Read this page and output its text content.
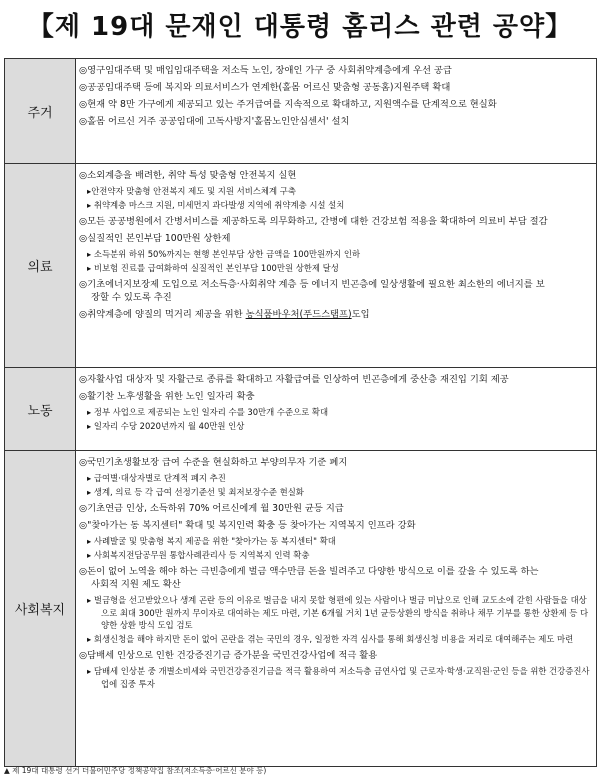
【제 19대 문재인 대통령 홈리스 관련 공약】
주거
◎영구임대주택 및 매입임대주택을 저소득 노인, 장애인 가구 중 사회취약계층에게 우선 공급
◎공공임대주택 등에 복지와 의료서비스가 연계한(홀몸 어르신 맞춤형 공동홈)지원주택 확대
◎현재 약 8만 가구에게 제공되고 있는 주거급여를 지속적으로 확대하고, 지원액수를 단계적으로 현실화
◎홀몸 어르신 거주 공공임대에 고독사방지'홀몸노인안심센서' 설치
의료
◎소외계층을 배려한, 취약 특성 맞춤형 안전복지 실현
▸안전약자 맞춤형 안전복지 제도 및 지원 서비스체계 구축
▸ 취약계층 마스크 지원, 미세먼지 과다발생 지역에 취약계층 시설 설치
◎모든 공공병원에서 간병서비스를 제공하도록 의무화하고, 간병에 대한 건강보험 적용을 확대하여 의료비 부담 절감
◎실질적인 본인부담 100만원 상한제
▸ 소득분위 하위 50%까지는 현행 본인부담 상한 금액을 100만원까지 인하
▸ 비보험 진료를 급여화하여 실질적인 본인부담 100만원 상한제 달성
◎기초에너지보장제 도입으로 저소득층·사회취약 계층 등 에너지 빈곤층에 일상생활에 필요한 최소한의 에너지를 보
장할 수 있도록 추진
◎취약계층에 양질의 먹거리 제공을 위한 농식품바우처(푸드스탬프)도입
노동
◎자활사업 대상자 및 자활근로 종류를 확대하고 자활급여를 인상하여 빈곤층에게 중산층 재진입 기회 제공
◎활기찬 노후생활을 위한 노인 일자리 확충
▸ 정부 사업으로 제공되는 노인 일자리 수를 30만개 수준으로 확대
▸ 일자리 수당 2020년까지 월 40만원 인상
사회복지
◎국민기초생활보장 급여 수준을 현실화하고 부양의무자 기준 폐지
▸ 급여별·대상자별로 단계적 폐지 추진
▸ 생계, 의료 등 각 급여 선정기준선 및 최저보장수준 현실화
◎기초연금 인상, 소득하위 70% 어르신에게 월 30만원 균등 지급
◎"찾아가는 동 복지센터" 확대 및 복지인력 확충 등 찾아가는 지역복지 인프라 강화
▸ 사례발굴 및 맞춤형 복지 제공을 위한 "찾아가는 동 복지센터" 확대
▸ 사회복지전담공무원 통합사례관리사 등 지역복지 인력 확충
◎돈이 없어 노역을 해야 하는 극빈층에게 벌금 액수만큼 돈을 빌려주고 다양한 방식으로 이를 갚을 수 있도록 하는
사회적 지원 제도 확산
▸ 벌금형을 선고받았으나 생계 곤란 등의 이유로 벌금을 내지 못할 형편에 있는 사람이나 벌금 미납으로 인해 교도소에 갇힌 사람들을 대상으로 최대 300만 원까지 무이자로 대여하는 제도 마련, 기본 6개월 거치 1년 균등상환의 방식을 취하나 채무 기부를 통한 상환제 등 다양한 상환 방식 도입 검토
▸ 회생신청을 해야 하지만 돈이 없어 곤란을 겪는 국민의 경우, 일정한 자격 심사를 통해 회생신청 비용을 저리로 대여해주는 제도 마련
◎담배세 인상으로 인한 건강증진기금 증가분을 국민건강사업에 적극 활용
▸ 담배세 인상분 중 개별소비세와 국민건강증진기금을 적극 활용하여 저소득층 금연사업 및 근로자·학생·교직원·군인 등을 위한 건강증진사업에 집중 투자
▲ 제 19대 대통령 선거 더불어민주당 정책공약집 참조(저소득층·어르신 분야 등)
